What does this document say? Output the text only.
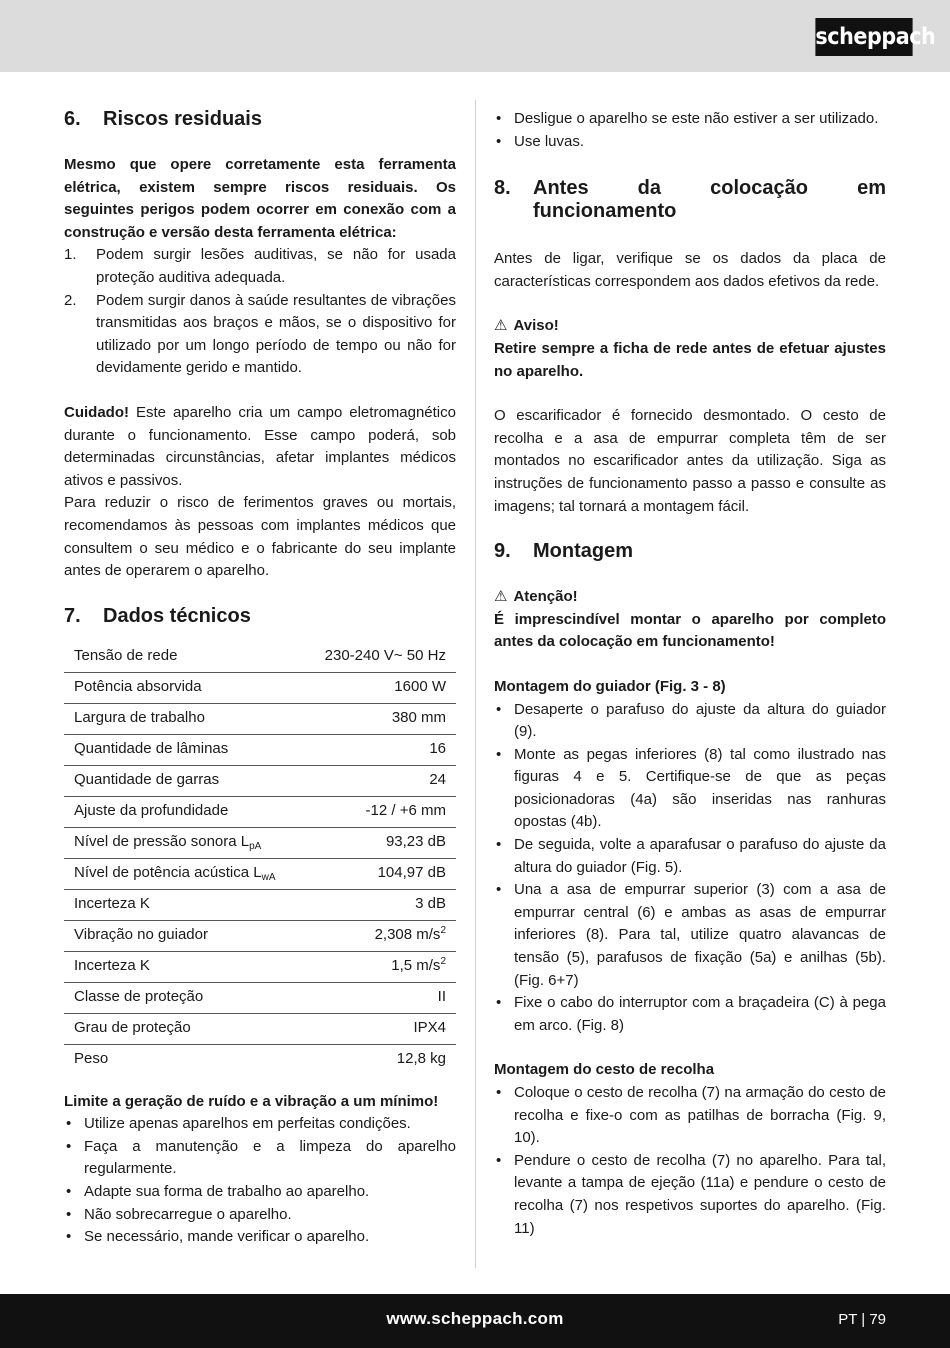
scheppach
6.	Riscos residuais

Mesmo que opere corretamente esta ferramenta elétrica, existem sempre riscos residuais. Os seguintes perigos podem ocorrer em conexão com a construção e versão desta ferramenta elétrica:

1. Podem surgir lesões auditivas, se não for usada proteção auditiva adequada.
2. Podem surgir danos à saúde resultantes de vibrações transmitidas aos braços e mãos, se o dispositivo for utilizado por um longo período de tempo ou não for devidamente gerido e mantido.

Cuidado! Este aparelho cria um campo eletromagnético durante o funcionamento. Esse campo poderá, sob determinadas circunstâncias, afetar implantes médicos ativos e passivos.

Para reduzir o risco de ferimentos graves ou mortais, recomendamos às pessoas com implantes médicos que consultem o seu médico e o fabricante do seu implante antes de operarem o aparelho.

7.	Dados técnicos
Tensão de rede	230-240 V~ 50 Hz
Potência absorvida	1600 W
Largura de trabalho	380 mm
Quantidade de lâminas	16
Quantidade de garras	24
Ajuste da profundidade	-12 / +6 mm
Nível de pressão sonora $L_{pA}$	93,23 dB
Nível de potência acústica $L_{wA}$	104,97 dB
Incerteza K	3 dB
Vibração no guiador	2,308 $m/s^2$
Incerteza K	1,5 $m/s^2$
Classe de proteção	II
Grau de proteção	IPX4
Peso	12,8 kg

Limite a geração de ruído e a vibração a um mínimo!

• Utilize apenas aparelhos em perfeitas condições.
• Faça a manutenção e a limpeza do aparelho regularmente.
• Adapte sua forma de trabalho ao aparelho.
• Não sobrecarregue o aparelho.
• Se necessário, mande verificar o aparelho.
• Desligue o aparelho se este não estiver a ser utilizado.
• Use luvas.
8.	Antes da colocação em funcionamento

Antes de ligar, verifique se os dados da placa de características correspondem aos dados efetivos da rede.

⚠ Aviso!

Retire sempre a ficha de rede antes de efetuar ajustes no aparelho.

O escarificador é fornecido desmontado. O cesto de recolha e a asa de empurrar completa têm de ser montados no escarificador antes da utilização. Siga as instruções de funcionamento passo a passo e consulte as imagens; tal tornará a montagem fácil.

9.	Montagem

⚠ Atenção!

É imprescindível montar o aparelho por completo antes da colocação em funcionamento!

Montagem do guiador (Fig. 3 - 8)

• Desaperte o parafuso do ajuste da altura do guiador (9).
• Monte as pegas inferiores (8) tal como ilustrado nas figuras 4 e 5. Certifique-se de que as peças posicionadoras (4a) são inseridas nas ranhuras opostas (4b).
• De seguida, volte a aparafusar o parafuso do ajuste da altura do guiador (Fig. 5).
• Una a asa de empurrar superior (3) com a asa de empurrar central (6) e ambas as asas de empurrar inferiores (8). Para tal, utilize quatro alavancas de tensão (5), parafusos de fixação (5a) e anilhas (5b). (Fig. 6+7)
• Fixe o cabo do interruptor com a braçadeira (C) à pega em arco. (Fig. 8)

Montagem do cesto de recolha

• Coloque o cesto de recolha (7) na armação do cesto de recolha e fixe-o com as patilhas de borracha (Fig. 9, 10).
• Pendure o cesto de recolha (7) no aparelho. Para tal, levante a tampa de ejeção (11a) e pendure o cesto de recolha (7) nos respetivos suportes do aparelho. (Fig. 11)
www.scheppach.com	PT | 79
